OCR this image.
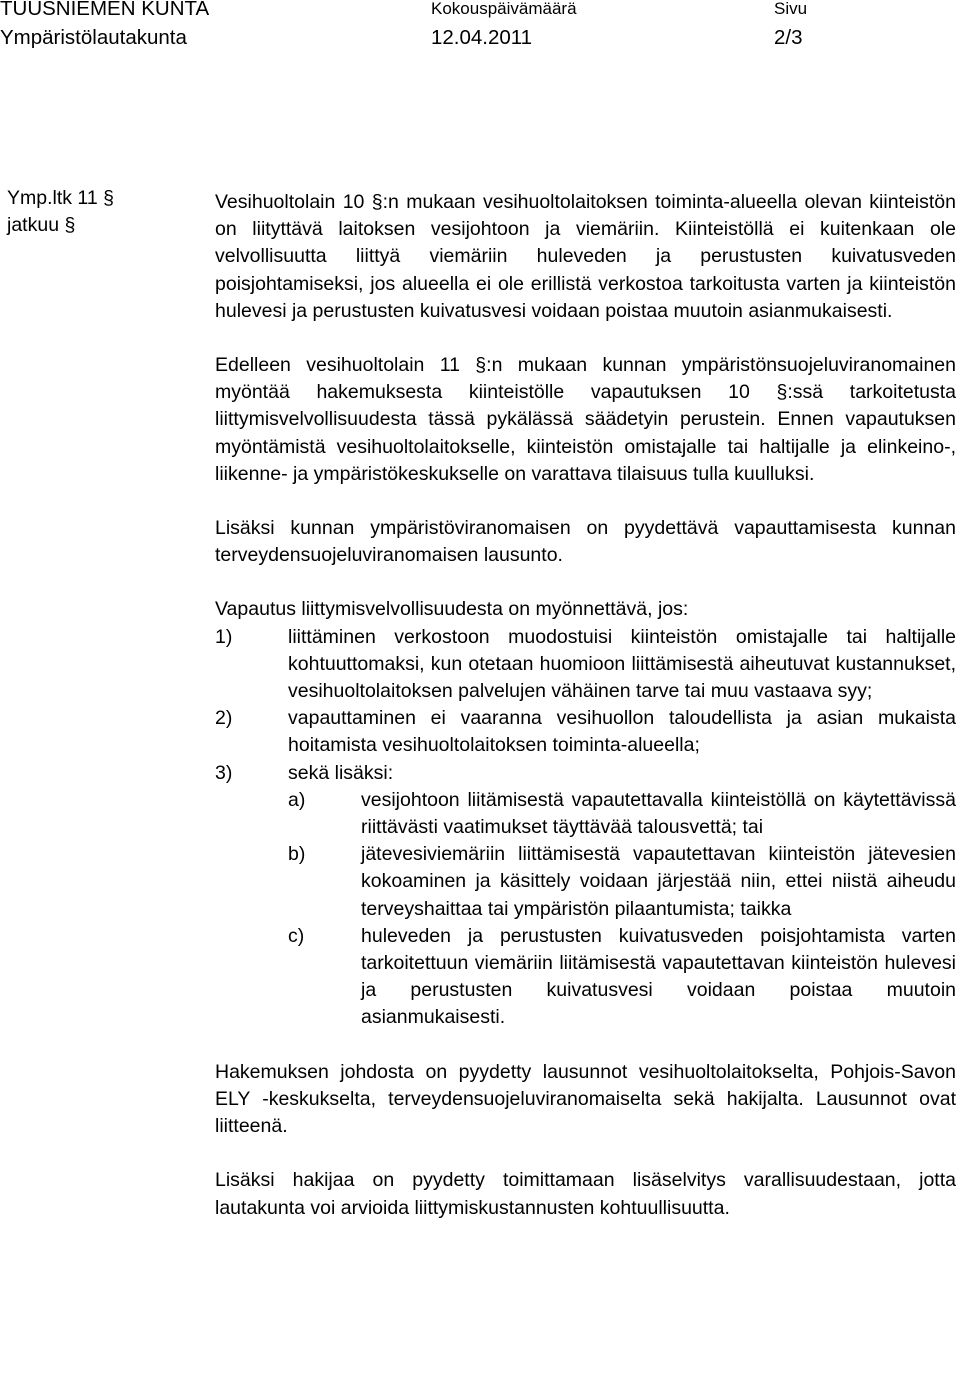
TUUSNIEMEN KUNTA	Kokouspäivämäärä	Sivu
Ympäristölautakunta	12.04.2011	2/3
Ymp.ltk 11 §
jatkuu §

Vesihuoltolain 10 §:n mukaan vesihuoltolaitoksen toiminta-alueella olevan kiinteistön on liityttävä laitoksen vesijohtoon ja viemäriin. Kiinteistöllä ei kuitenkaan ole velvollisuutta liittyä viemäriin huleveden ja perustusten kuivatusveden poisjohtamiseksi, jos alueella ei ole erillistä verkostoa tarkoitusta varten ja kiinteistön hulevesi ja perustusten kuivatusvesi voidaan poistaa muutoin asianmukaisesti.

Edelleen vesihuoltolain 11 §:n mukaan kunnan ympäristönsuojeluviranomainen myöntää hakemuksesta kiinteistölle vapautuksen 10 §:ssä tarkoitetusta liittymisvelvollisuudesta tässä pykälässä säädetyin perustein. Ennen vapautuksen myöntämistä vesihuoltolaitokselle, kiinteistön omistajalle tai haltijalle ja elinkeino-, liikenne- ja ympäristökeskukselle on varattava tilaisuus tulla kuulluksi.

Lisäksi kunnan ympäristöviranomaisen on pyydettävä vapauttamisesta kunnan terveydensuojeluviranomaisen lausunto.

Vapautus liittymisvelvollisuudesta on myönnettävä, jos:

1)	liittäminen verkostoon muodostuisi kiinteistön omistajalle tai haltijalle kohtuuttomaksi, kun otetaan huomioon liittämisestä aiheutuvat kustannukset, vesihuoltolaitoksen palvelujen vähäinen tarve tai muu vastaava syy;
2)	vapauttaminen ei vaaranna vesihuollon taloudellista ja asian mukaista hoitamista vesihuoltolaitoksen toiminta-alueella;
3)	sekä lisäksi:
a)	vesijohtoon liitämisestä vapautettavalla kiinteistöllä on käytettävissä riittävästi vaatimukset täyttävää talousvettä; tai
b)	jätevesiviemäriin liittämisestä vapautettavan kiinteistön jätevesien kokoaminen ja käsittely voidaan järjestää niin, ettei niistä aiheudu terveyshaittaa tai ympäristön pilaantumista; taikka
c)	huleveden ja perustusten kuivatusveden poisjohtamista varten tarkoitettuun viemäriin liitämisestä vapautettavan kiinteistön hulevesi ja perustusten kuivatusvesi voidaan poistaa muutoin asianmukaisesti.

Hakemuksen johdosta on pyydetty lausunnot vesihuoltolaitokselta, Pohjois-Savon ELY -keskukselta, terveydensuojeluviranomaiselta sekä hakijalta. Lausunnot ovat liitteenä.

Lisäksi hakijaa on pyydetty toimittamaan lisäselvitys varallisuudestaan, jotta lautakunta voi arvioida liittymiskustannusten kohtuullisuutta.
